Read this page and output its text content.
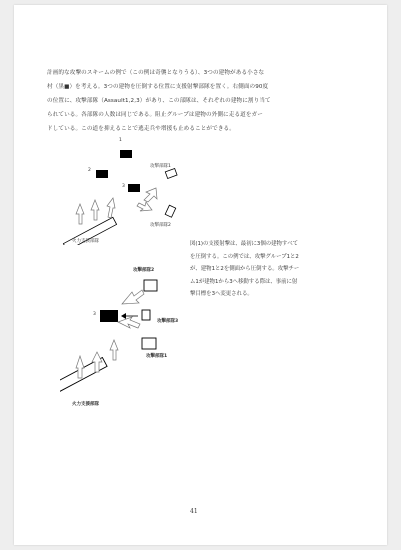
計画的な攻撃のスキームの例で（この例は奇襲となりうる）、3つの建物がある小さな
村（黒■）を考える。3つの建物を圧倒する位置に支援射撃部隊を置く。右側面の90度
の位置に、攻撃部隊（Assault1,2,3）があり、この部隊は、それぞれの建物に割り当て
られている。各部隊の人数は同じである。阻止グループは建物の外側に走る道をガー
ドしている。この道を抑えることで逃走兵や増援も止めることができる。

1
2
3
攻撃部隊1
攻撃部隊2
火力支援部隊	図(1)の支援射撃は、最初に3個の建物すべて
を圧倒する。この例では、攻撃グループ1と2
が、建物1と2を側面から圧倒する。攻撃チー
ム1が建物1から3へ移動する際は、事前に射
撃目標を3へ変更される。

3
攻撃部隊2
攻撃部隊3
攻撃部隊1
火力支援部隊
41
